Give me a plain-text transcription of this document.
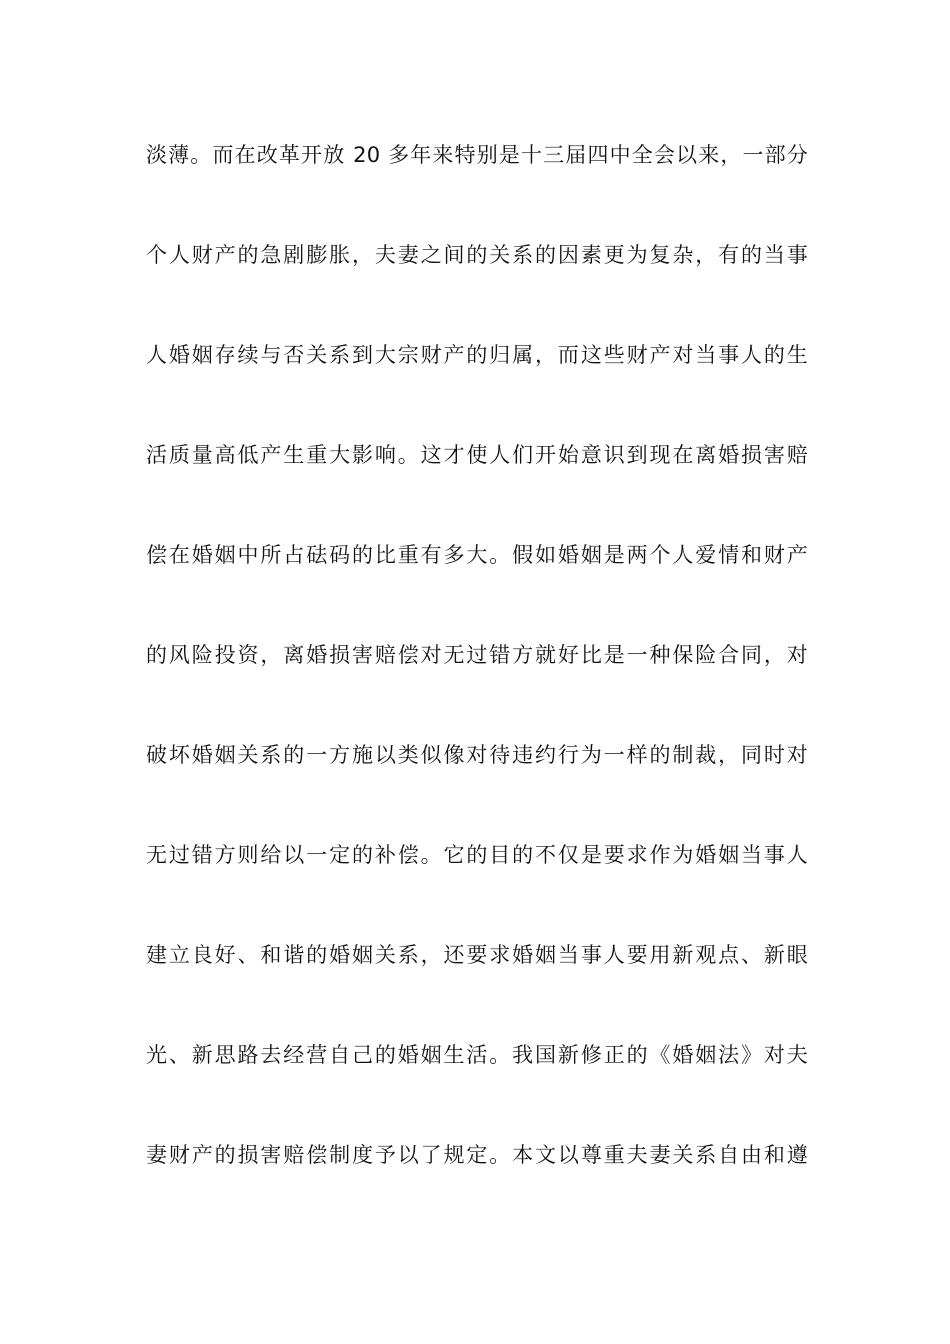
淡薄。而在改革开放 20 多年来特别是十三届四中全会以来，一部分
个人财产的急剧膨胀，夫妻之间的关系的因素更为复杂，有的当事
人婚姻存续与否关系到大宗财产的归属，而这些财产对当事人的生
活质量高低产生重大影响。这才使人们开始意识到现在离婚损害赔
偿在婚姻中所占砝码的比重有多大。假如婚姻是两个人爱情和财产
的风险投资，离婚损害赔偿对无过错方就好比是一种保险合同，对
破坏婚姻关系的一方施以类似像对待违约行为一样的制裁，同时对
无过错方则给以一定的补偿。它的目的不仅是要求作为婚姻当事人
建立良好、和谐的婚姻关系，还要求婚姻当事人要用新观点、新眼
光、新思路去经营自己的婚姻生活。我国新修正的《婚姻法》对夫
妻财产的损害赔偿制度予以了规定。本文以尊重夫妻关系自由和遵
